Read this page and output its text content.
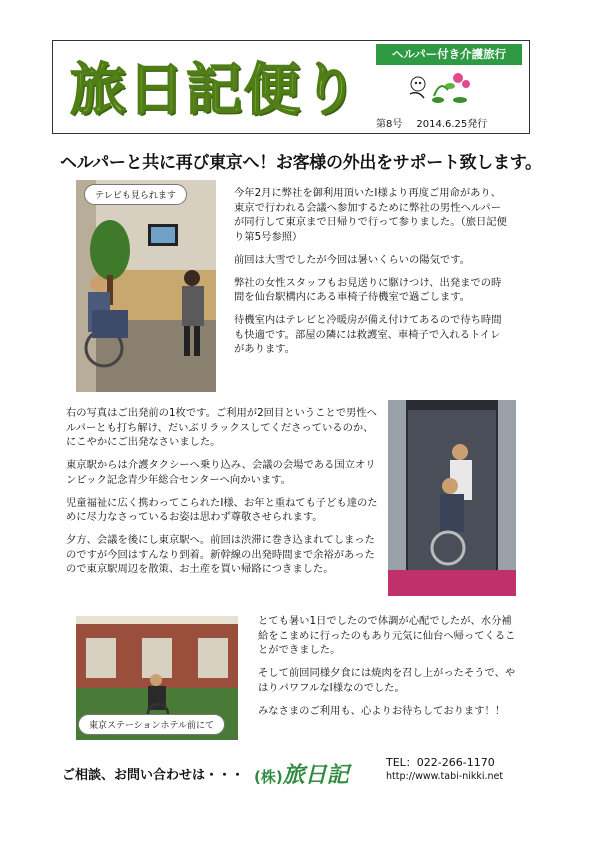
旅日記便り
ヘルパー付き介護旅行
第8号 2014.6.25発行
ヘルパーと共に再び東京へ！お客様の外出をサポート致します。
テレビも見られます	今年2月に弊社を御利用頂いたI様より再度ご用命があり、東京で行われる会議へ参加するために弊社の男性ヘルパーが同行して東京まで日帰りで行って参りました。（旅日記便り第5号参照）

前回は大雪でしたが今回は暑いくらいの陽気です。

弊社の女性スタッフもお見送りに駆けつけ、出発までの時間を仙台駅構内にある車椅子待機室で過ごします。

待機室内はテレビと冷暖房が備え付けてあるので待ち時間も快適です。部屋の隣には救護室、車椅子で入れるトイレがあります。

右の写真はご出発前の1枚です。ご利用が2回目ということで男性ヘルパーとも打ち解け、だいぶリラックスしてくださっているのか、にこやかにご出発なさいました。

東京駅からは介護タクシーへ乗り込み、会議の会場である国立オリンピック記念青少年総合センターへ向かいます。

児童福祉に広く携わってこられたI様、お年と重ねても子ども達のために尽力なさっているお姿は思わず尊敬させられます。

夕方、会議を後にし東京駅へ。前回は渋滞に巻き込まれてしまったのですが今回はすんなり到着。新幹線の出発時間まで余裕があったので東京駅周辺を散策、お土産を買い帰路につきました。

東京ステーションホテル前にて

とても暑い1日でしたので体調が心配でしたが、水分補給をこまめに行ったのもあり元気に仙台へ帰ってくることができました。

そして前回同様夕食には焼肉を召し上がったそうで、やはりパワフルなI様なのでした。

みなさまのご利用も、心よりお待ちしております！！

ご相談、お問い合わせは・・・ (株)旅日記
TEL：022-266-1170
http://www.tabi-nikki.net
